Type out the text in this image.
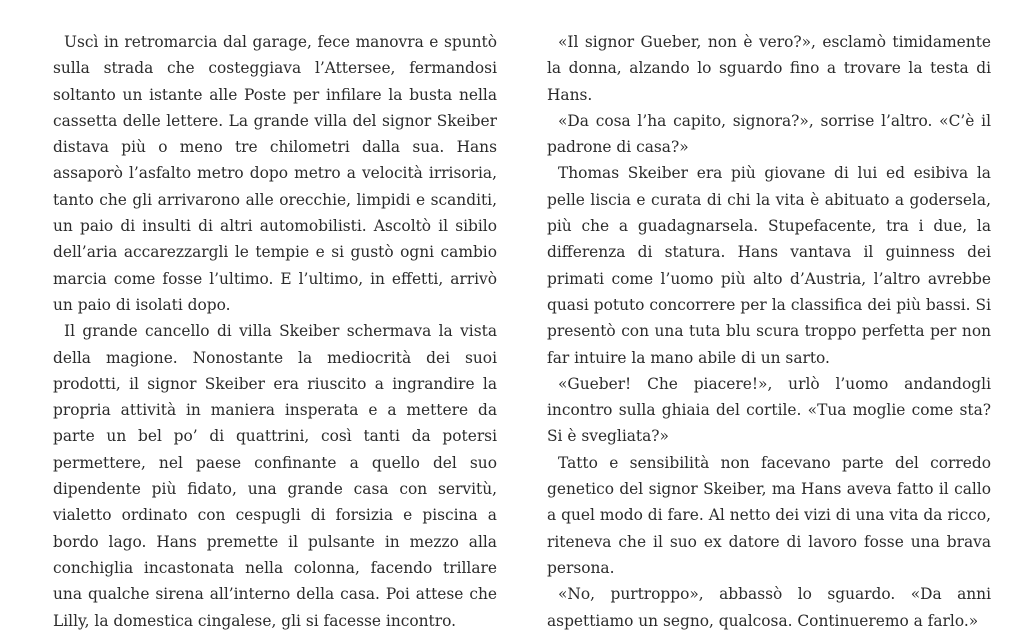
Uscì in retromarcia dal garage, fece manovra e spuntò sulla strada che costeggiava l’Attersee, fermandosi soltanto un istante alle Poste per infilare la busta nella cassetta delle lettere. La grande villa del signor Skeiber distava più o meno tre chilometri dalla sua. Hans assaporò l’asfalto metro dopo metro a velocità irrisoria, tanto che gli arrivarono alle orecchie, limpidi e scanditi, un paio di insulti di altri automobilisti. Ascoltò il sibilo dell’aria accarezzargli le tempie e si gustò ogni cambio marcia come fosse l’ultimo. E l’ultimo, in effetti, arrivò un paio di isolati dopo.

Il grande cancello di villa Skeiber schermava la vista della magione. Nonostante la mediocrità dei suoi prodotti, il signor Skeiber era riuscito a ingrandire la propria attività in maniera insperata e a mettere da parte un bel po’ di quattrini, così tanti da potersi permettere, nel paese confinante a quello del suo dipendente più fidato, una grande casa con servitù, vialetto ordinato con cespugli di forsizia e piscina a bordo lago. Hans premette il pulsante in mezzo alla conchiglia incastonata nella colonna, facendo trillare una qualche sirena all’interno della casa. Poi attese che Lilly, la domestica cingalese, gli si facesse incontro.

«Il signor Gueber, non è vero?», esclamò timidamente la donna, alzando lo sguardo fino a trovare la testa di Hans.

«Da cosa l’ha capito, signora?», sorrise l’altro. «C’è il padrone di casa?»

Thomas Skeiber era più giovane di lui ed esibiva la pelle liscia e curata di chi la vita è abituato a godersela, più che a guadagnarsela. Stupefacente, tra i due, la differenza di statura. Hans vantava il guinness dei primati come l’uomo più alto d’Austria, l’altro avrebbe quasi potuto concorrere per la classifica dei più bassi. Si presentò con una tuta blu scura troppo perfetta per non far intuire la mano abile di un sarto.

«Gueber! Che piacere!», urlò l’uomo andandogli incontro sulla ghiaia del cortile. «Tua moglie come sta? Si è svegliata?»

Tatto e sensibilità non facevano parte del corredo genetico del signor Skeiber, ma Hans aveva fatto il callo a quel modo di fare. Al netto dei vizi di una vita da ricco, riteneva che il suo ex datore di lavoro fosse una brava persona.

«No, purtroppo», abbassò lo sguardo. «Da anni aspettiamo un segno, qualcosa. Continueremo a farlo.»
